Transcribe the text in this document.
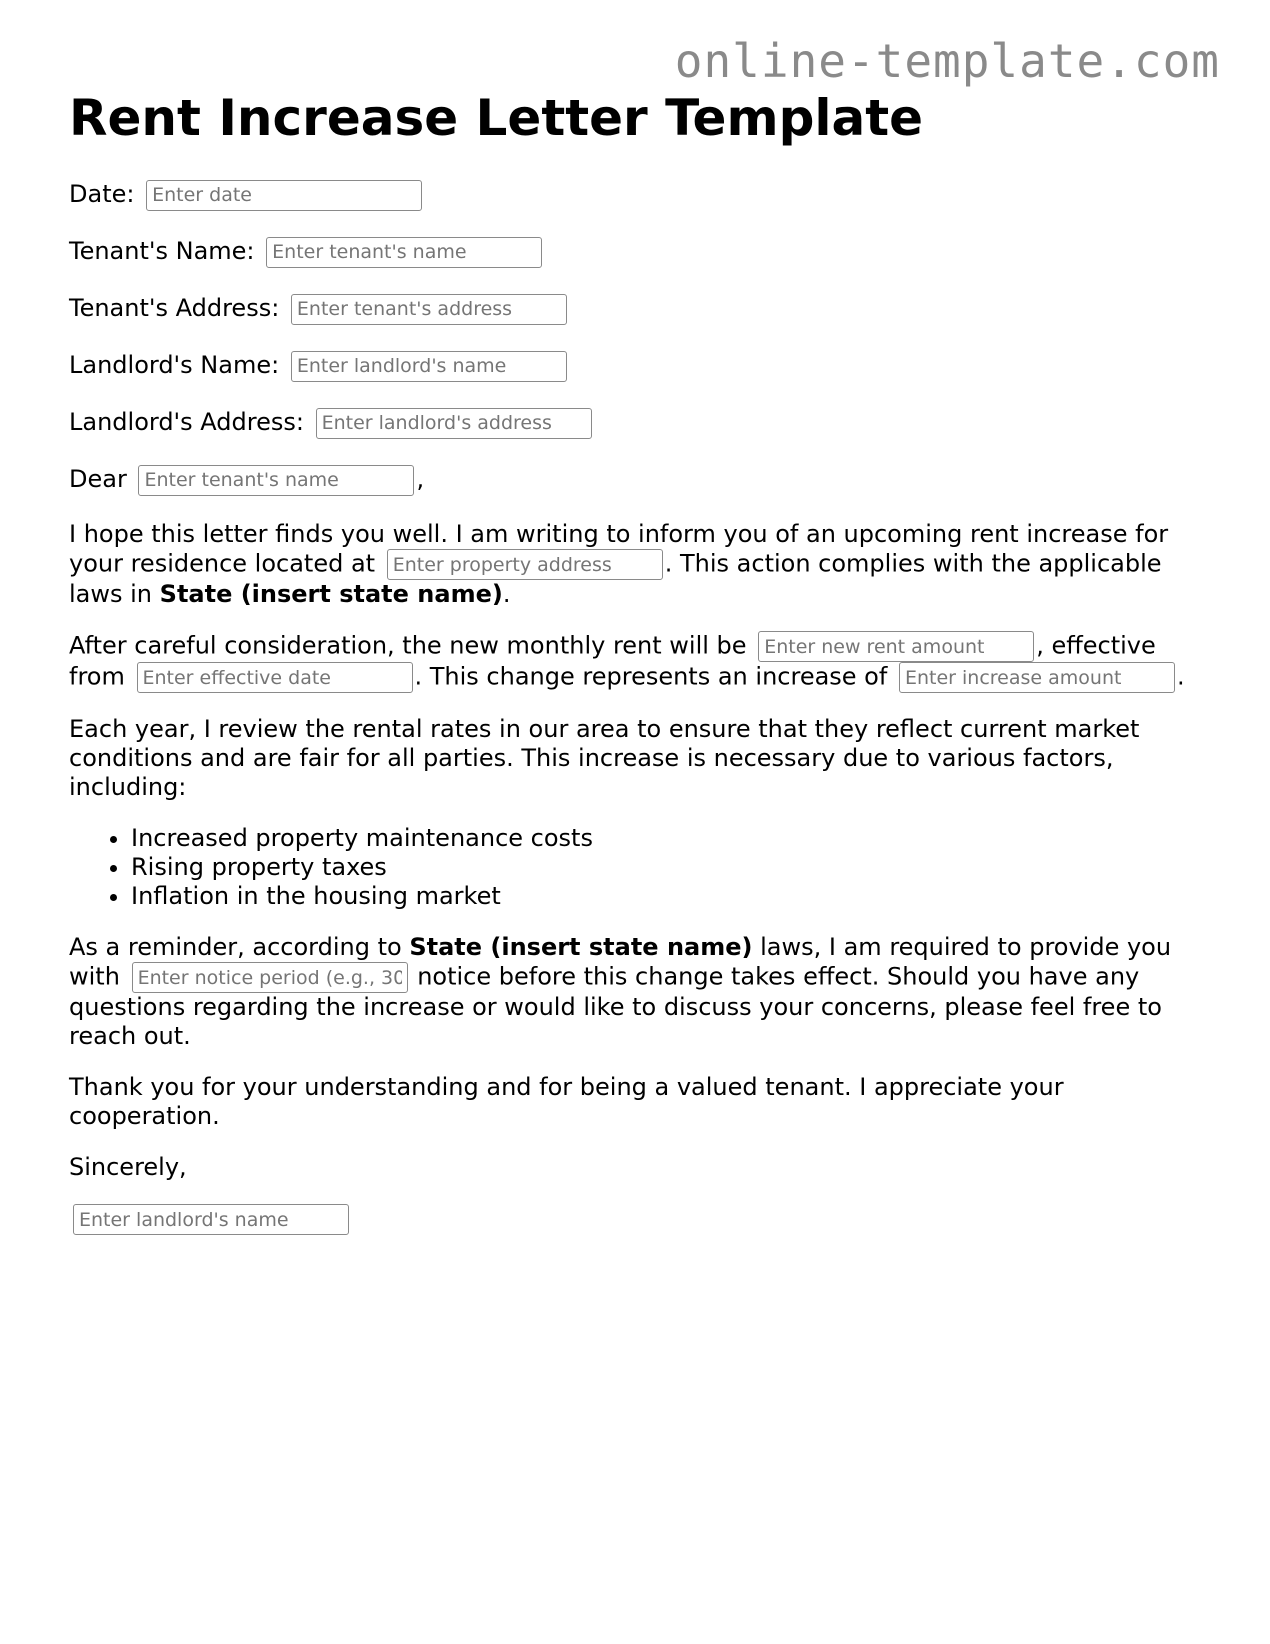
online-template.com
Rent Increase Letter Template
Date: Enter date
Tenant's Name: Enter tenant's name
Tenant's Address: Enter tenant's address
Landlord's Name: Enter landlord's name
Landlord's Address: Enter landlord's address
Dear Enter tenant's name	,

I hope this letter finds you well. I am writing to inform you of an upcoming rent increase for your residence located at Enter property address	. This action complies with the applicable laws in State (insert state name).

After careful consideration, the new monthly rent will be Enter new rent amount	, effective from Enter effective date	. This change represents an increase of Enter increase amount	.

Each year, I review the rental rates in our area to ensure that they reflect current market conditions and are fair for all parties. This increase is necessary due to various factors, including:

• Increased property maintenance costs
• Rising property taxes
• Inflation in the housing market

As a reminder, according to State (insert state name) laws, I am required to provide you with Enter notice period (e.g., 30 days)	notice before this change takes effect. Should you have any questions regarding the increase or would like to discuss your concerns, please feel free to reach out.

Thank you for your understanding and for being a valued tenant. I appreciate your cooperation.

Sincerely,

Enter landlord's name
